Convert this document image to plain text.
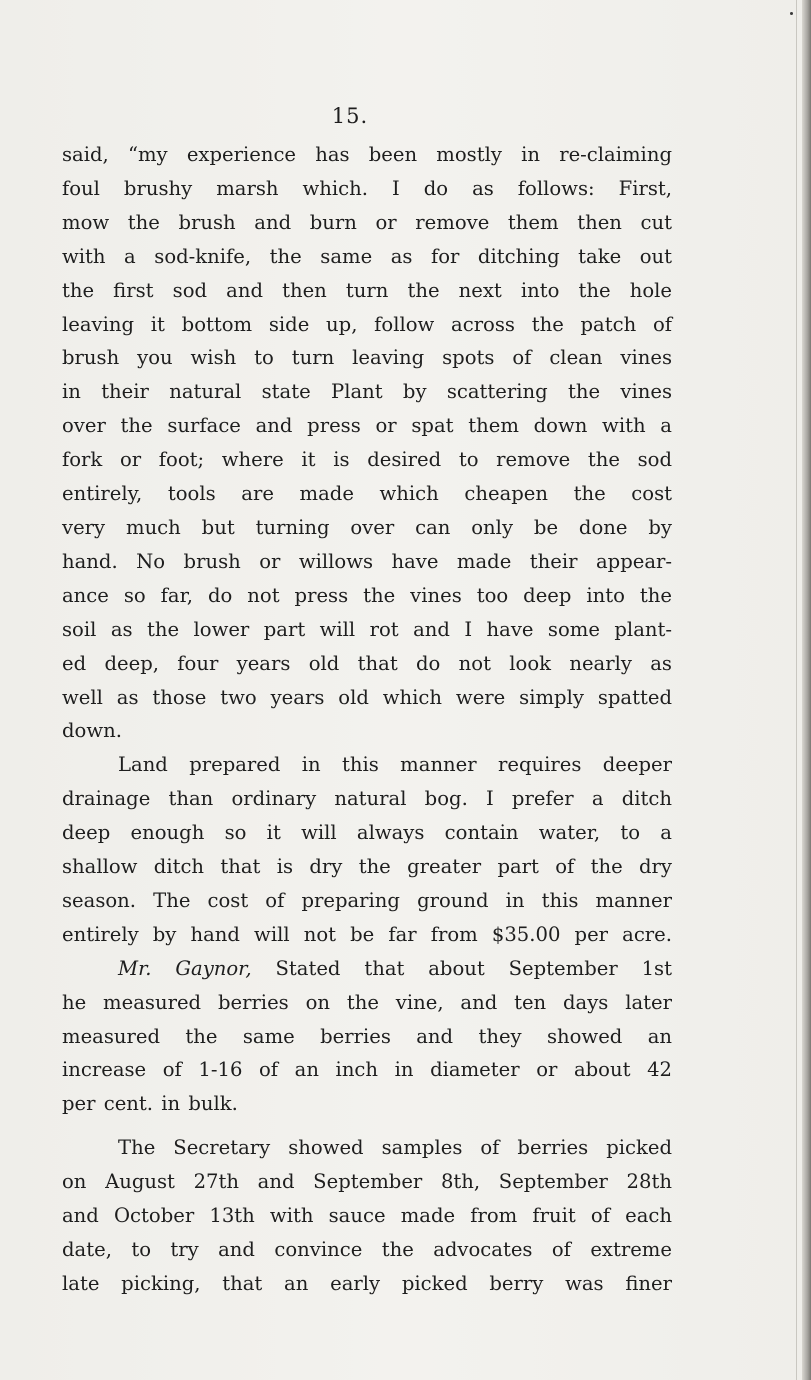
15.
said, “my experience has been mostly in re-claiming
foul brushy marsh which. I do as follows: First,
mow the brush and burn or remove them then cut
with a sod-knife, the same as for ditching take out
the first sod and then turn the next into the hole
leaving it bottom side up, follow across the patch of
brush you wish to turn leaving spots of clean vines
in their natural state Plant by scattering the vines
over the surface and press or spat them down with a
fork or foot; where it is desired to remove the sod
entirely, tools are made which cheapen the cost
very much but turning over can only be done by
hand. No brush or willows have made their appear-
ance so far, do not press the vines too deep into the
soil as the lower part will rot and I have some plant-
ed deep, four years old that do not look nearly as
well as those two years old which were simply spatted
down.
Land prepared in this manner requires deeper
drainage than ordinary natural bog. I prefer a ditch
deep enough so it will always contain water, to a
shallow ditch that is dry the greater part of the dry
season. The cost of preparing ground in this manner
entirely by hand will not be far from $35.00 per acre.
Mr. Gaynor, Stated that about September 1st
he measured berries on the vine, and ten days later
measured the same berries and they showed an
increase of 1-16 of an inch in diameter or about 42
per cent. in bulk.
The Secretary showed samples of berries picked
on August 27th and September 8th, September 28th
and October 13th with sauce made from fruit of each
date, to try and convince the advocates of extreme
late picking, that an early picked berry was finer
